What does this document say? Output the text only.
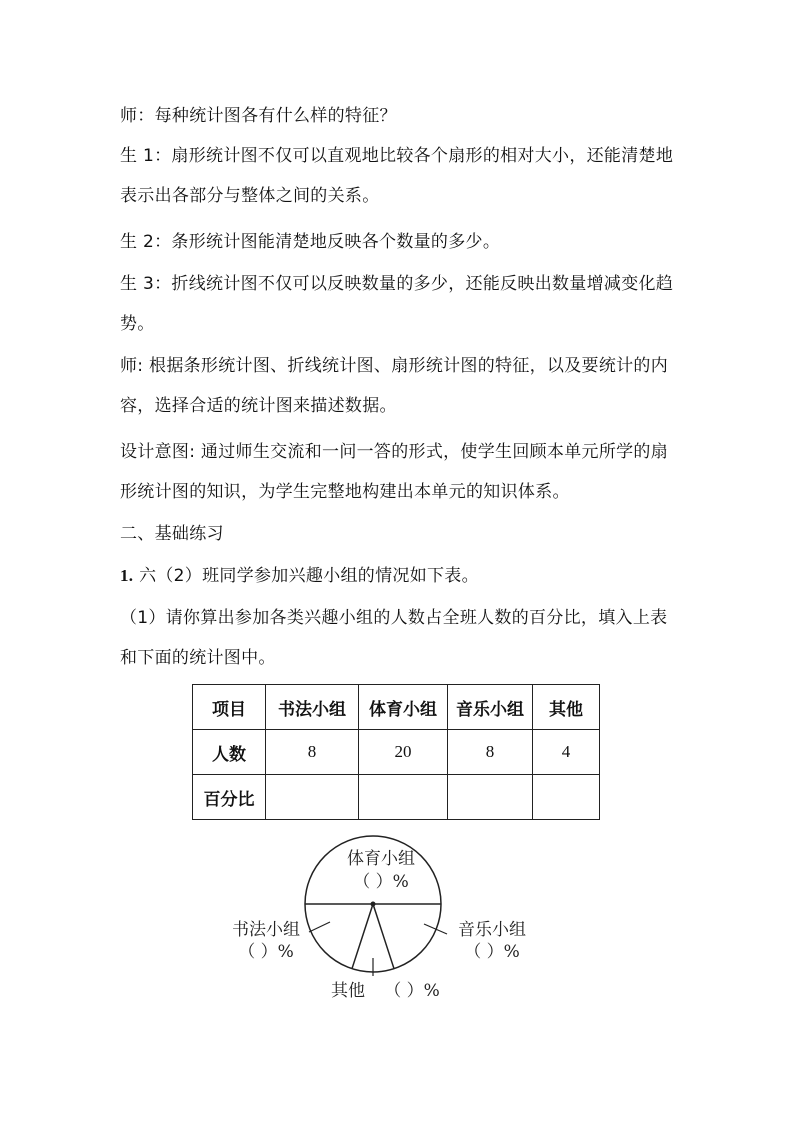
师：每种统计图各有什么样的特征？

生 1：扇形统计图不仅可以直观地比较各个扇形的相对大小，还能清楚地表示出各部分与整体之间的关系。

生 2：条形统计图能清楚地反映各个数量的多少。

生 3：折线统计图不仅可以反映数量的多少，还能反映出数量增减变化趋势。

师: 根据条形统计图、折线统计图、扇形统计图的特征，以及要统计的内容，选择合适的统计图来描述数据。

设计意图: 通过师生交流和一问一答的形式，使学生回顾本单元所学的扇形统计图的知识，为学生完整地构建出本单元的知识体系。

二、基础练习

1. 六（2）班同学参加兴趣小组的情况如下表。

（1）请你算出参加各类兴趣小组的人数占全班人数的百分比，填入上表和下面的统计图中。

项目	书法小组	体育小组	音乐小组	其他
人数	8	20	8	4
百分比				
体育小组
（ ）%
书法小组
（ ）%
音乐小组
（ ）%
其他 （ ）%
